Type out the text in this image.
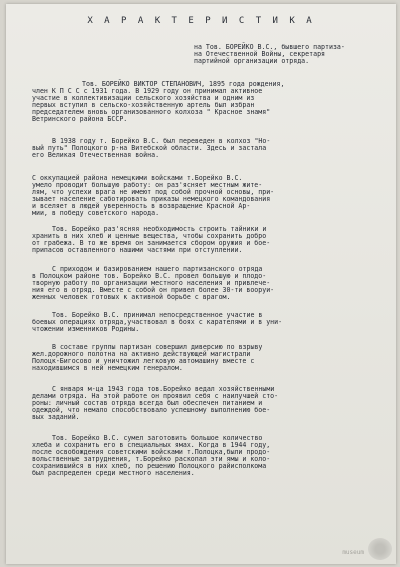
Х А Р А К Т Е Р И С Т И К А
на Тов. БОРЕЙКО В.С., бывшего партиза-
на Отечественной Войны, секретаря
партийной организации отряда.
Тов. БОРЕЙКО ВИКТОР СТЕПАНОВИЧ, 1895 года рождения,
член К П С С с 1931 года. В 1929 году он принимал активное
участие в коллективизации сельского хозяйства и одним из
первых вступил в сельско-хозяйственную артель был избран
председателем вновь организованного колхоза " Красное знамя"
Ветринского района БССР.
В 1938 году т. Борейко В.С. был переведен в колхоз "Но-
вый путь" Полоцкого р-на Витебской области. Здесь и застала
его Великая Отечественная война.
С оккупацией района немецкими войсками т.Борейко В.С.
умело проводит большую работу: он раз'ясняет местным жите-
лям, что успехи врага не имеют под собой прочной основы, при-
зывает население саботировать приказы немецкого командования
и вселяет в людей уверенность в возвращение Красной Ар-
мии, в победу советского народа.
Тов. Борейко раз'ясняя необходимость строить тайники и
хранить в них хлеб и ценные вещества, чтобы сохранить добро
от грабежа. В то же время он занимается сбором оружия и бое-
припасов оставленного нашими частями при отступлении.
С приходом и базированием нашего партизанского отряда
в Полоцком районе тов. Борейко В.С. провел большую и плодо-
творную работу по организации местного населения и привлече-
ния его в отряд. Вместе с собой он привел более 30-ти вооруи-
женных человек готовых к активной борьбе с врагом.
Тов. Борейко В.С. принимал непосредственное участие в
боевых операциях отряда,участвовал в боях с карателями и в уни-
чтожении изменников Родины.
В составе группы партизан совершил диверсию по взрыву
жел.дорожного полотна на активно действующей магистрали
Полоцк-Бигосово и уничтожил легковую автомашину вместе с
находившимся в ней немецким генералом.
С января м-ца 1943 года тов.Борейко ведал хозяйственными
делами отряда. На этой работе он проявил себя с наилучшей сто-
роны: личный состав отряда всегда был обеспечен питанием и
одеждой, что немало способствовало успешному выполнению бое-
вых заданий.
Тов. Борейко В.С. сумел заготовить большое количество
хлеба и сохранить его в специальных ямах. Когда в 1944 году,
после освобождения советскими войсками т.Полоцка,были продо-
вольственные затруднения, т.Борейко раскопал эти ямы и коло-
сохранившийся в них хлеб, по решению Полоцкого райисполкома
был распределен среди местного населения.
museum
